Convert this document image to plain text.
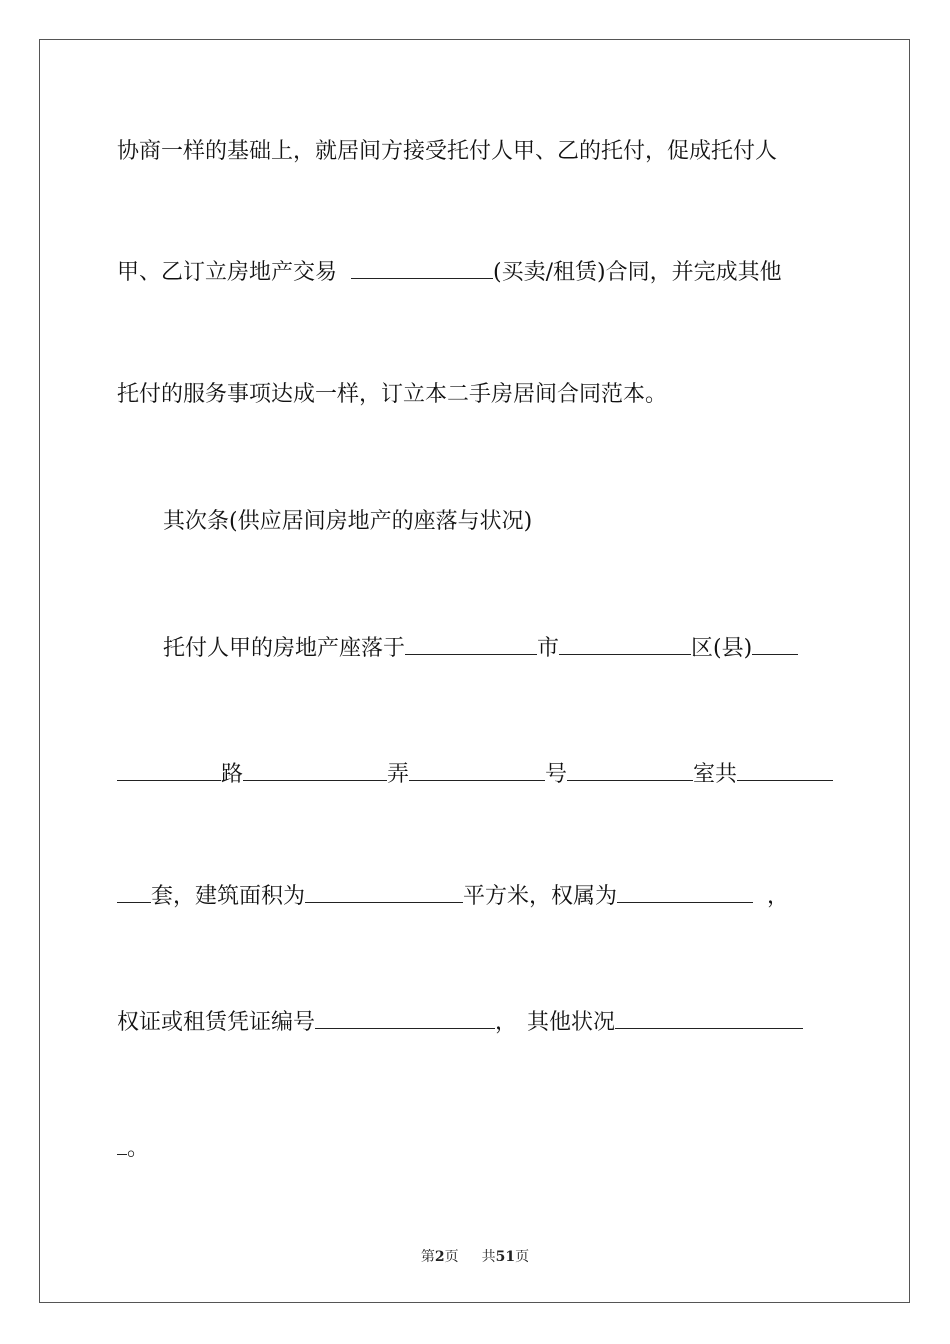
协商一样的基础上，就居间方接受托付人甲、乙的托付，促成托付人
甲、乙订立房地产交易	(买卖/租赁)合同，并完成其他
托付的服务事项达成一样，订立本二手房居间合同范本。
其次条(供应居间房地产的座落与状况)
托付人甲的房地产座落于	市	区(县)
路	弄	号	室共
套，建筑面积为	平方米，权属为	，
权证或租赁凭证编号	， 其他状况
。
第2页 共51页
